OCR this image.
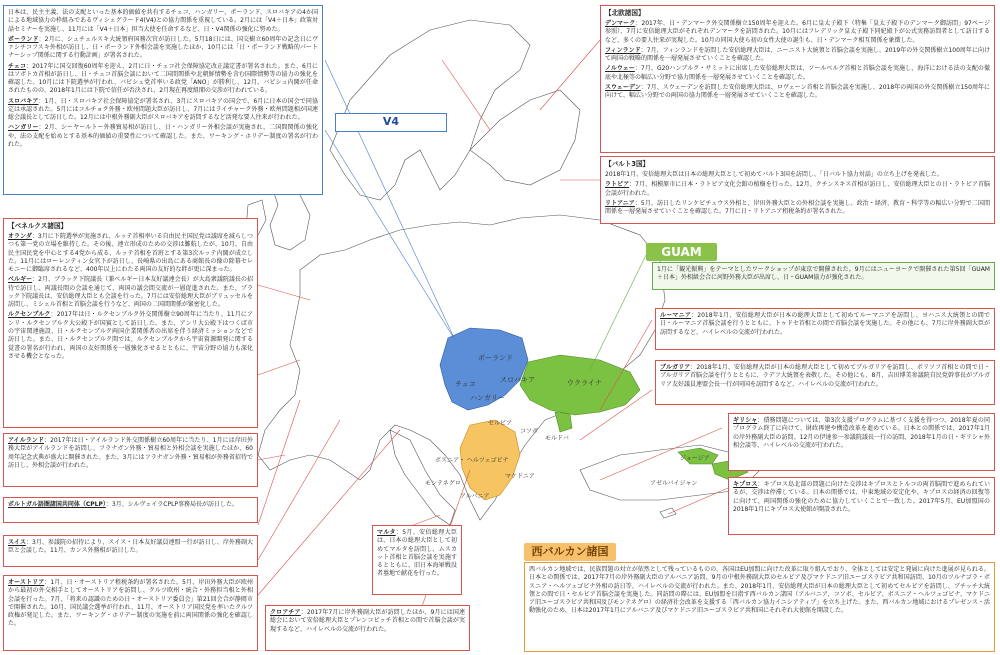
ポーランド
チェコ	スロバキア
ハンガリー
ウクライナ
モルドバ
ジョージア
アゼルバイジャン
セルビア
コソボ
ボスニア・ ヘルツェゴビナ
モンテネグロ
アルバニア
マケドニア

日本は、民主主義、法の支配といった基本的価値を共有するチェコ、ハンガリー、ポーランド、スロバキアの4か国による地域協力の枠組みであるヴィシェグラード4(V4)との協力関係を重視している。2月には「V4＋日本」政策対話セミナーを実施し、11月には「V4＋日本」担当大使を任命するなど、日・V4関係の強化に努めた。

ポーランド：2月に、シュチェルスキ大統領府国務次官が訪日した。5月18日には、国交樹立60周年の記念日にヴァシチコフスキ外相が訪日し、日・ポーランド外相会談を実施したほか、10月には「日・ポーランド戦略的パートナーシップ関係に関する行動計画」が署名された。

チェコ：2017年に国交回復60周年を迎え、2月に日・チェコ社会保障協定改正議定書が署名された。また、6月にはソボトカ首相が訪日し、日・チェコ首脳会談において二国間関係や北朝鮮情勢を含む国際情勢等の協力の強化を確認した。10月には下院選挙が行われ、バビシュ党首率いる政党「ANO」が勝利し、12月、バビシュ内閣が任命されたものの、2018年1月には下院で信任が否決され、2月現在再度組閣の交渉が行われている。

スロバキア：1月、日・スロバキア社会保障協定が署名され、3月にスロバキアの国会で、6月に日本の国会で同協定は承認された。5月にはコルチョク外務・欧州問題大臣が訪日し、7月にはライチャーク外務・欧州問題相が国連総会議長として訪日した。12月には中根外務副大臣がスロバキアを訪問するなど活発な要人往来が行われた。

ハンガリー：2月、シーヤールトー外務貿易相が訪日し、日・ハンガリー外相会談が実施され、二国間関係の強化や、法の支配を始めとする基本的価値の重要性について確認した。また、ワーキング・ホリデー制度の署名が行われた。

V4
【ベネルクス諸国】

オランダ：3月に下院選挙が実施され、ルッテ首相率いる自由民主国民党は議席を減らしつつも第一党の立場を維持した。その後、連立形成のための交渉は難航したが、10月、自由民主国民党を中心とする4党から成る、ルッテ首相を首班とする第3次ルッテ内閣が成立した。11月にはローレンティン女官下が訪日し、長崎県の出島にある商館長の像の除幕セレモニーに御臨席されるなど、400年以上にわたる両国の友好的な絆が更に深まった。

ベルギー：2月、ブラック下院議長（兼ベルギー日本友好議連会長）が大島衆議院議長の招待で訪日し、両議長間の会談を通じて、両国の議会間交流が一層促進された。また、ブラック下院議長は、安倍総理大臣とも会談を行った。7月には安倍総理大臣がブリュッセルを訪問し、ミシェル首相と首脳会談を行うなど、両国の二国間関係が緊密化した。

ルクセンブルク：2017年は日・ルクセンブルク外交関係樹立90周年に当たり、11月にアンリ・ルクセンブルク大公殿下が国賓として訪日した。また、アンリ大公殿下はつくば市の宇宙関連施設、日・ルクセンブルク両国企業関係者の出席を伴う経済ミッションなどで訪日した。また、日・ルクセンブルク間では、ルクセンブルクから宇宙資源開発に関する覚書の署名が行われ、両国の友好関係を一層強化させるとともに、宇宙分野の協力も深化させる機会となった。

アイルランド：2017年は日・アイルランド外交関係樹立60周年に当たり、1月には岸田外務大臣がアイルランドを訪問し、フラナガン外務・貿易相と外相会談を実施したほか、60周年記念式典が盛大に開催された。また、3月にはフラナガン外務・貿易相が外務省招待で訪日し、外相会談が行われた。

ポルトガル語圏諸国共同体（CPLP）：3月、シルヴェイラCPLP事務局長が訪日した。

スイス：3月、参議院の招待により、スイス・日本友好議員連盟一行が訪日し、岸外務副大臣と会談した。11月、カンス外務相が訪日した。

オーストリア：1月、日・オーストリア租税条約が署名された。5月、岸田外務大臣が欧州から最初の外交相手としてオーストリアを訪問し、クルツ欧州・統合・外務担当相と外相会談を行った。7月、「将来の認識のための日・オーストリア委員会」第21回会合が静岡市で開催された。10月、国民議会選挙が行われ、11月、オーストリア国民党を率いたクルツ政権が発足した。また、ワーキング・ホリデー制度の実施を前に両国関係の強化を確認した。

クロアチア：2017年7月に岸外務副大臣が訪問したほか、9月には国連総会において安倍総理大臣とプレンコビッチ首相との間で首脳会談が実現するなど、ハイレベルの交流が行われた。

マルタ：5月、安倍総理大臣は、日本の総理大臣として初めてマルタを訪問し、ムスカット首相と首脳会談を実施するとともに、旧日本海軍戦没者墓地で献花を行った。

【北欧諸国】

デンマーク：2017年、日・デンマーク外交関係樹立150周年を迎えた。6月に皇太子殿下（特集「皇太子殿下のデンマーク御訪問」97ページ参照）、7月に安倍総理大臣がそれぞれデンマークを訪問された。10月にはフレデリック皇太子殿下同妃殿下が公式実務訪問者として訪日するなど、多くの要人往来が実現した。10月の同国大使ら初の女性大使の誕生も、日・デンマーク相互関係を象徴した。

フィンランド：7月、フィンランドを訪問した安倍総理大臣は、ニーニスト大統領と首脳会談を実施し、2019年の外交関係樹立100周年に向けて両国の戦略的関係を一層発展させていくことを確認した。

ノルウェー：7月、G20ハンブルク・サミットに出席した安倍総理大臣は、ソールベルグ首相と首脳会談を実施し、海洋における法の支配の徹底や北極等の幅広い分野で協力関係を一層発展させていくことを確認した。

スウェーデン：7月、スウェーデンを訪問した安倍総理大臣は、ロヴェーン首相と首脳会談を実施し、2018年の両国の外交関係樹立150周年に向けて、幅広い分野での両国の協力関係を一層発展させていくことを確認した。

【バルト3国】

2018年1月、安倍総理大臣は日本の総理大臣として初めてバルト3国を訪問し、「日バルト協力対話」の立ち上げを発表した。

ラトビア：7月、相模原市に日本・ラトビア文化会館の植樹を行った。12月、クチンスキス首相が訪日し、安倍総理大臣との日・ラトビア首脳会談が行われた。

リトアニア：5月、訪日したリンケビチュウス外相と、岸田外務大臣との外相会談を実施し、政治・経済、教育・科学等の幅広い分野で二国間関係を一層発展させていくことを確認した。7月に日・リトアニア租税条約が署名された。

GUAM

1月に「観光振興」をテーマとしたワークショップが東京で開催された。9月にはニューヨークで開催された第5回「GUAM＋日本」外相級会合に河野外務大臣が出席し、日・GUAM協力が強化された。

ルーマニア：2018年1月、安倍総理大臣が日本の総理大臣として初めてルーマニアを訪問し、ヨハニス大統領との間で日・ルーマニア首脳会談を行うとともに、トゥドセ首相との間で首脳会談を実施した。その他にも、7月に岸外務副大臣が訪問するなど、ハイレベルの交流が行われた。

ブルガリア：2018年1月、安倍総理大臣が日本の総理大臣として初めてブルガリアを訪問し、ボリソフ首相との間で日・ブルガリア首脳会談を行うとともに、ラデフ大統領を表敬した。その他にも、8月、吉田博美参議院自民党幹事長がブルガリア友好議員連盟会長一行が同国を訪問するなど、ハイレベルの交流が行われた。

ギリシャ：債務問題については、第3次支援プログラムに基づく支援を得つつ、2018年夏の同プログラム終了に向けて、財政再建や構造改革を進めている。日本との関係では、2017年1月の岸外務副大臣の訪問、12月の伊達参一参議院議長一行の訪問、2018年1月の日・ギリシャ外相会談等、ハイレベルの交流が行われた。

キプロス：キプロス島北部の問題に向けた交渉はキプロスとトルコの両首脳間で進められているが、交渉は停滞している。日本の関係では、中東地域の安定化や、キプロスの経済の回復等に向けて、両国関係の強化のために協力していくことで一致した。2017年5月、EU加盟国の2018年1月にキプロス大使館が開設された。

西バルカン諸国

西バルカン地域では、民族問題の対立が依然として残っているものの、各国はEU加盟に向けた改革に取り組んでおり、全体としては安定と発展に向けた進展が見られる。日本との関係では、2017年7月の岸外務副大臣のアルバニア訪問、9月の中根外務副大臣のセルビア及びマケドニア旧ユーゴスラビア共和国訪問、10月のツルナゴラ・ボスニア・ヘルツェゴビナ外相の訪日等、ハイレベルの交流が行われた。また、2018年1月、安倍総理大臣が日本の総理大臣として初めてセルビアを訪問し、ブチッチ大統領との間で日・セルビア首脳会談を実施した。同訪問の際には、EU加盟を目指す西バルカン諸国（アルバニア、コソボ、セルビア、ボスニア・ヘルツェゴビナ、マケドニア旧ユーゴスラビア共和国及びモンテネグロ）の経済社会改革を支援する「西バルカン協力イニシアティブ」を立ち上げた。また、西バルカン地域におけるプレゼンス・活動強化のため、日本は2017年1月にアルバニア及びマケドニア旧ユーゴスラビア共和国にそれぞれ大使館を開設した。
